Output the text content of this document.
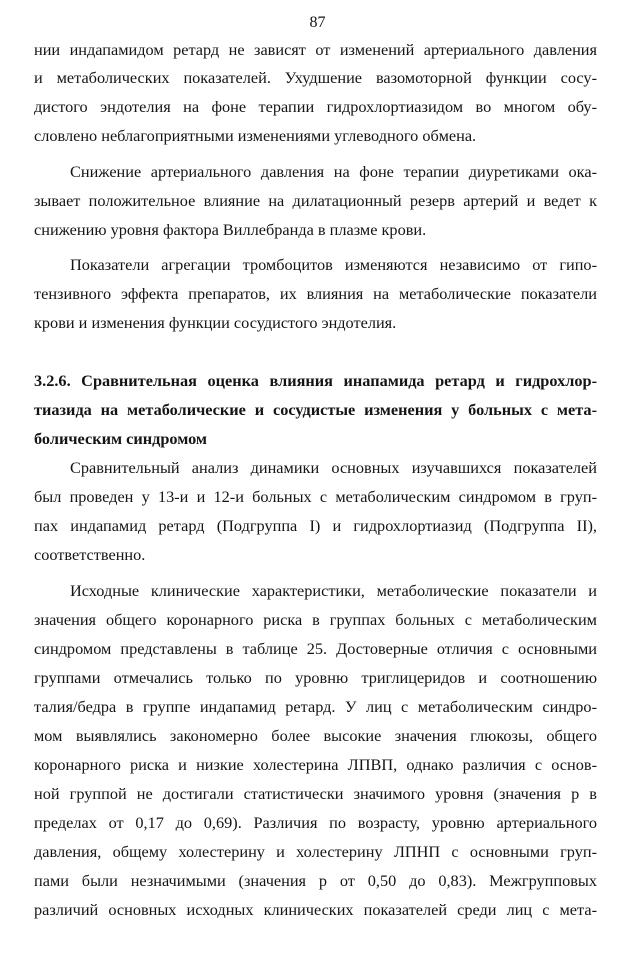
87
нии индапамидом ретард не зависят от изменений артериального давления
и метаболических показателей. Ухудшение вазомоторной функции сосу-
дистого эндотелия на фоне терапии гидрохлортиазидом во многом обу-
словлено неблагоприятными изменениями углеводного обмена.
Снижение артериального давления на фоне терапии диуретиками ока-
зывает положительное влияние на дилатационный резерв артерий и ведет к
снижению уровня фактора Виллебранда в плазме крови.
Показатели агрегации тромбоцитов изменяются независимо от гипо-
тензивного эффекта препаратов, их влияния на метаболические показатели
крови и изменения функции сосудистого эндотелия.
3.2.6. Сравнительная оценка влияния инапамида ретард и гидрохлор-
тиазида на метаболические и сосудистые изменения у больных с мета-
болическим синдромом
Сравнительный анализ динамики основных изучавшихся показателей
был проведен у 13-и и 12-и больных с метаболическим синдромом в груп-
пах индапамид ретард (Подгруппа I) и гидрохлортиазид (Подгруппа II),
соответственно.
Исходные клинические характеристики, метаболические показатели и
значения общего коронарного риска в группах больных с метаболическим
синдромом представлены в таблице 25. Достоверные отличия с основными
группами отмечались только по уровню триглицеридов и соотношению
талия/бедра в группе индапамид ретард. У лиц с метаболическим синдро-
мом выявлялись закономерно более высокие значения глюкозы, общего
коронарного риска и низкие холестерина ЛПВП, однако различия с основ-
ной группой не достигали статистически значимого уровня (значения р в
пределах от 0,17 до 0,69). Различия по возрасту, уровню артериального
давления, общему холестерину и холестерину ЛПНП с основными груп-
пами были незначимыми (значения р от 0,50 до 0,83). Межгрупповых
различий основных исходных клинических показателей среди лиц с мета-
